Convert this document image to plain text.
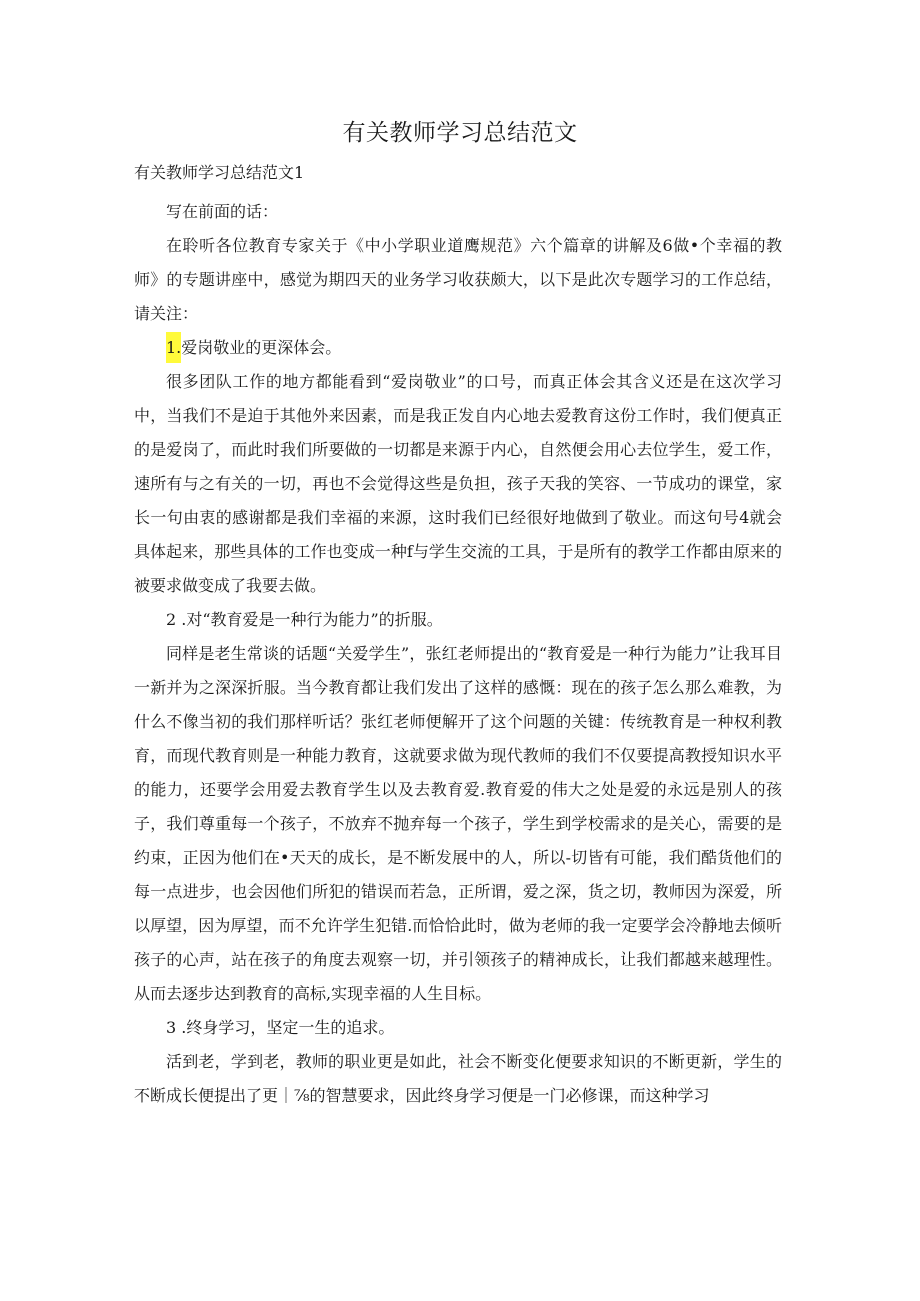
有关教师学习总结范文

有关教师学习总结范文1

写在前面的话：

在聆听各位教育专家关于《中小学职业道鹰规范》六个篇章的讲解及6做•个幸福的教师》的专题讲座中，感觉为期四天的业务学习收获颇大，以下是此次专题学习的工作总结，请关注：

1.爱岗敬业的更深体会。

很多团队工作的地方都能看到“爱岗敬业”的口号，而真正体会其含义还是在这次学习中，当我们不是迫于其他外来因素，而是我正发自内心地去爱教育这份工作时，我们便真正的是爱岗了，而此时我们所要做的一切都是来源于内心，自然便会用心去位学生，爱工作，速所有与之有关的一切，再也不会觉得这些是负担，孩子天我的笑容、一节成功的课堂，家长一句由衷的感谢都是我们幸福的来源，这时我们已经很好地做到了敬业。而这句号4就会具体起来，那些具体的工作也变成一种f与学生交流的工具，于是所有的教学工作都由原来的被要求做变成了我要去做。

2 .对“教育爱是一种行为能力”的折服。

同样是老生常谈的话题“关爱学生”，张红老师提出的“教育爱是一种行为能力”让我耳目一新并为之深深折服。当今教育都让我们发出了这样的感慨：现在的孩子怎么那么难教，为什么不像当初的我们那样听话？张红老师便解开了这个问题的关键：传统教育是一种权利教育，而现代教育则是一种能力教育，这就要求做为现代教师的我们不仅要提高教授知识水平的能力，还要学会用爱去教育学生以及去教育爱.教育爱的伟大之处是爱的永远是别人的孩子，我们尊重每一个孩子，不放弃不抛弃每一个孩子，学生到学校需求的是关心，需要的是约束，正因为他们在•天天的成长，是不断发展中的人，所以-切皆有可能，我们酷货他们的每一点进步，也会因他们所犯的错误而若急，正所谓，爱之深，货之切，教师因为深爱，所以厚望，因为厚望，而不允许学生犯错.而恰恰此时，做为老师的我一定要学会冷静地去倾听孩子的心声，站在孩子的角度去观察一切，并引领孩子的精神成长，让我们都越来越理性。从而去逐步达到教育的高标,实现幸福的人生目标。

3 .终身学习，坚定一生的追求。

活到老，学到老，教师的职业更是如此，社会不断变化便要求知识的不断更新，学生的不断成长便提出了更｜⅞的智慧要求，因此终身学习便是一门必修课，而这种学习
